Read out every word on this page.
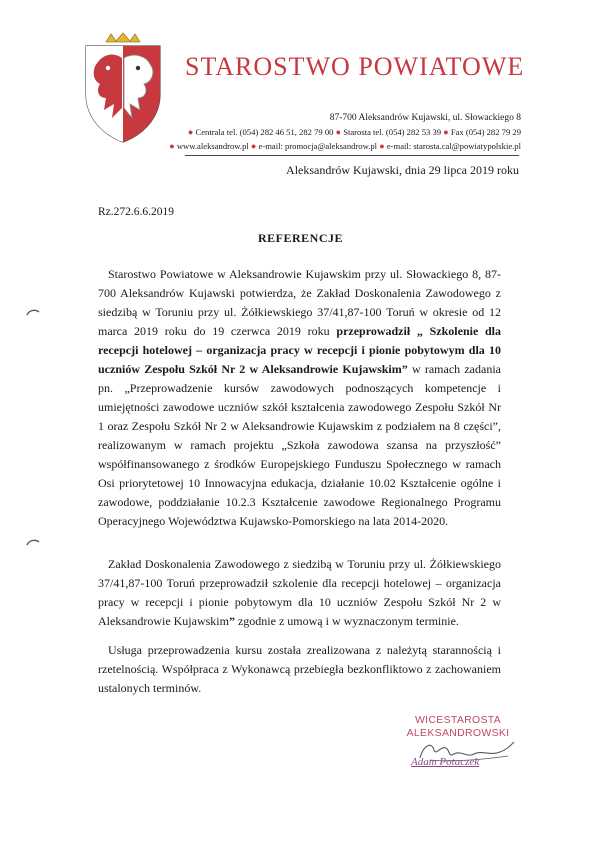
STAROSTWO POWIATOWE
87-700 Aleksandrów Kujawski, ul. Słowackiego 8
● Centrala tel. (054) 282 46 51, 282 79 00 ● Starosta tel. (054) 282 53 39 ● Fax (054) 282 79 29
● www.aleksandrow.pl ● e-mail: promocja@aleksandrow.pl ● e-mail: starosta.cal@powiatypolskie.pl
Aleksandrów Kujawski, dnia 29 lipca 2019 roku
Rz.272.6.6.2019
REFERENCJE
Starostwo Powiatowe w Aleksandrowie Kujawskim przy ul. Słowackiego 8, 87-700 Aleksandrów Kujawski potwierdza, że Zakład Doskonalenia Zawodowego z siedzibą w Toruniu przy ul. Żółkiewskiego 37/41,87-100 Toruń w okresie od 12 marca 2019 roku do 19 czerwca 2019 roku przeprowadził „ Szkolenie dla recepcji hotelowej – organizacja pracy w recepcji i pionie pobytowym dla 10 uczniów Zespołu Szkół Nr 2 w Aleksandrowie Kujawskim” w ramach zadania pn. „Przeprowadzenie kursów zawodowych podnoszących kompetencje i umiejętności zawodowe uczniów szkół kształcenia zawodowego Zespołu Szkół Nr 1 oraz Zespołu Szkół Nr 2 w Aleksandrowie Kujawskim z podziałem na 8 części”, realizowanym w ramach projektu „Szkoła zawodowa szansa na przyszłość” współfinansowanego z środków Europejskiego Funduszu Społecznego w ramach Osi priorytetowej 10 Innowacyjna edukacja, działanie 10.02 Kształcenie ogólne i zawodowe, poddziałanie 10.2.3 Kształcenie zawodowe Regionalnego Programu Operacyjnego Województwa Kujawsko-Pomorskiego na lata 2014-2020.
Zakład Doskonalenia Zawodowego z siedzibą w Toruniu przy ul. Żółkiewskiego 37/41,87-100 Toruń przeprowadził szkolenie dla recepcji hotelowej – organizacja pracy w recepcji i pionie pobytowym dla 10 uczniów Zespołu Szkół Nr 2 w Aleksandrowie Kujawskim” zgodnie z umową i w wyznaczonym terminie.
Usługa przeprowadzenia kursu została zrealizowana z należytą starannością i rzetelnością. Współpraca z Wykonawcą przebiegła bezkonfliktowo z zachowaniem ustalonych terminów.
WICESTAROSTA
ALEKSANDROWSKI
Adam Potaczek
